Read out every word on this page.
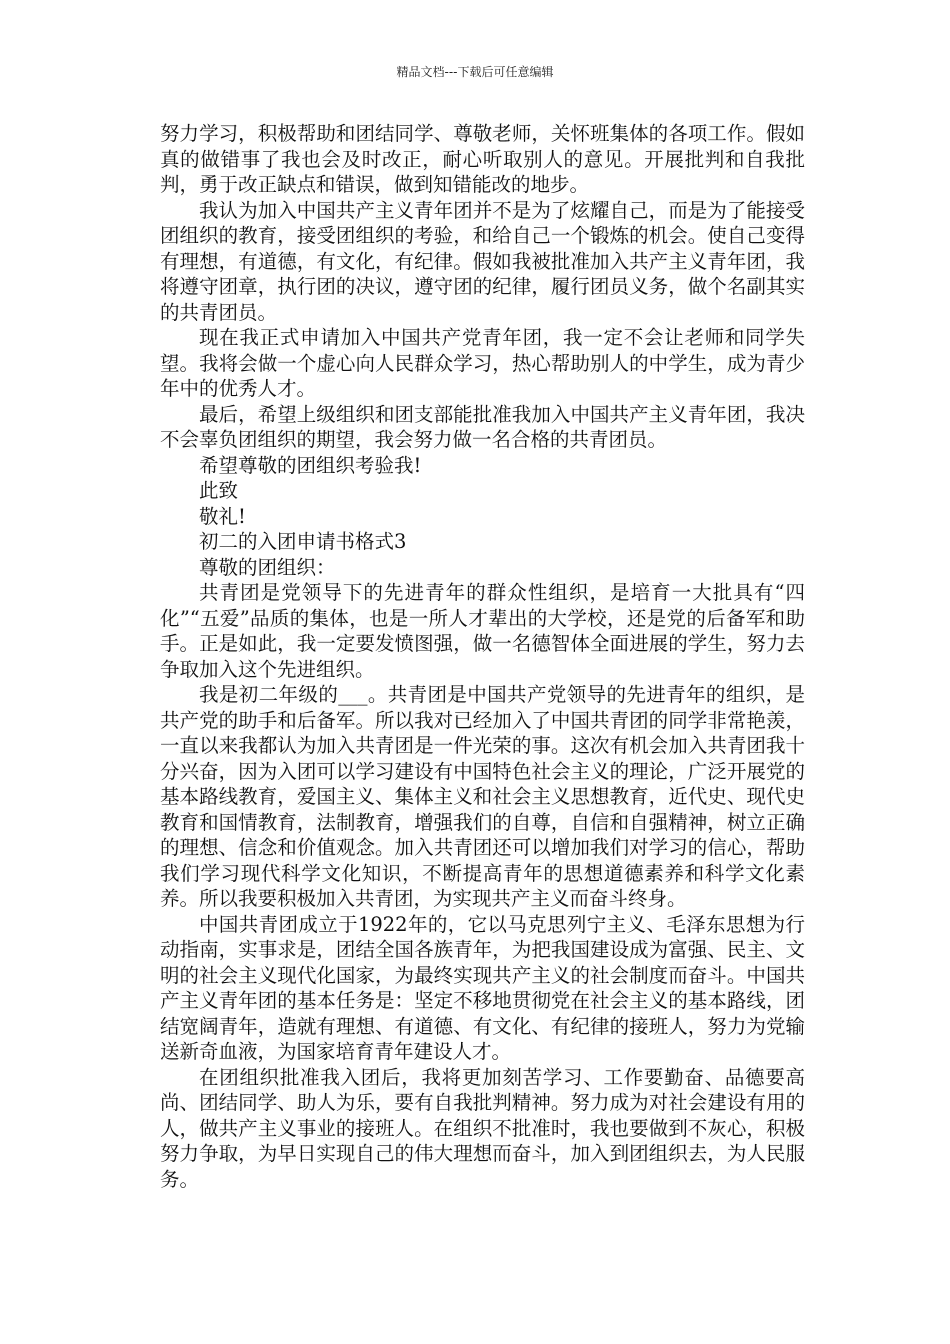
精品文档---下载后可任意编辑

努力学习，积极帮助和团结同学、尊敬老师，关怀班集体的各项工作。假如真的做错事了我也会及时改正，耐心听取别人的意见。开展批判和自我批判，勇于改正缺点和错误，做到知错能改的地步。

我认为加入中国共产主义青年团并不是为了炫耀自己，而是为了能接受团组织的教育，接受团组织的考验，和给自己一个锻炼的机会。使自己变得有理想，有道德，有文化，有纪律。假如我被批准加入共产主义青年团，我将遵守团章，执行团的决议，遵守团的纪律，履行团员义务，做个名副其实的共青团员。

现在我正式申请加入中国共产党青年团，我一定不会让老师和同学失望。我将会做一个虚心向人民群众学习，热心帮助别人的中学生，成为青少年中的优秀人才。

最后，希望上级组织和团支部能批准我加入中国共产主义青年团，我决不会辜负团组织的期望，我会努力做一名合格的共青团员。

希望尊敬的团组织考验我!

此致

敬礼!

初二的入团申请书格式3

尊敬的团组织：

共青团是党领导下的先进青年的群众性组织，是培育一大批具有“四化”“五爱”品质的集体，也是一所人才辈出的大学校，还是党的后备军和助手。正是如此，我一定要发愤图强，做一名德智体全面进展的学生，努力去争取加入这个先进组织。

我是初二年级的___。共青团是中国共产党领导的先进青年的组织，是共产党的助手和后备军。所以我对已经加入了中国共青团的同学非常艳羡，一直以来我都认为加入共青团是一件光荣的事。这次有机会加入共青团我十分兴奋，因为入团可以学习建设有中国特色社会主义的理论，广泛开展党的基本路线教育，爱国主义、集体主义和社会主义思想教育，近代史、现代史教育和国情教育，法制教育，增强我们的自尊，自信和自强精神，树立正确的理想、信念和价值观念。加入共青团还可以增加我们对学习的信心，帮助我们学习现代科学文化知识，不断提高青年的思想道德素养和科学文化素养。所以我要积极加入共青团，为实现共产主义而奋斗终身。

中国共青团成立于1922年的，它以马克思列宁主义、毛泽东思想为行动指南，实事求是，团结全国各族青年，为把我国建设成为富强、民主、文明的社会主义现代化国家，为最终实现共产主义的社会制度而奋斗。中国共产主义青年团的基本任务是：坚定不移地贯彻党在社会主义的基本路线，团结宽阔青年，造就有理想、有道德、有文化、有纪律的接班人，努力为党输送新奇血液，为国家培育青年建设人才。

在团组织批准我入团后，我将更加刻苦学习、工作要勤奋、品德要高尚、团结同学、助人为乐，要有自我批判精神。努力成为对社会建设有用的人，做共产主义事业的接班人。在组织不批准时，我也要做到不灰心，积极努力争取，为早日实现自己的伟大理想而奋斗，加入到团组织去，为人民服务。
